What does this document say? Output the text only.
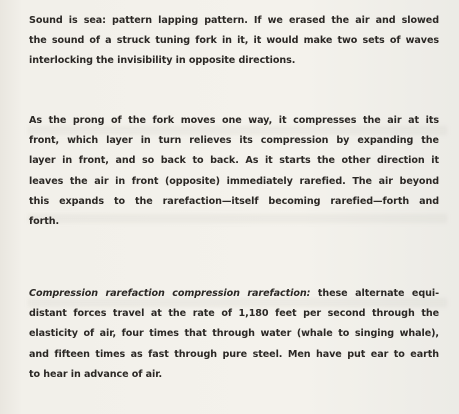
Sound is sea: pattern lapping pattern. If we erased the air and slowed
the sound of a struck tuning fork in it, it would make two sets of waves
interlocking the invisibility in opposite directions.

As the prong of the fork moves one way, it compresses the air at its
front, which layer in turn relieves its compression by expanding the
layer in front, and so back to back. As it starts the other direction it
leaves the air in front (opposite) immediately rarefied. The air beyond
this expands to the rarefaction—itself becoming rarefied—forth and
forth.

Compression rarefaction compression rarefaction: these alternate equi-
distant forces travel at the rate of 1,180 feet per second through the
elasticity of air, four times that through water (whale to singing whale),
and fifteen times as fast through pure steel. Men have put ear to earth
to hear in advance of air.
